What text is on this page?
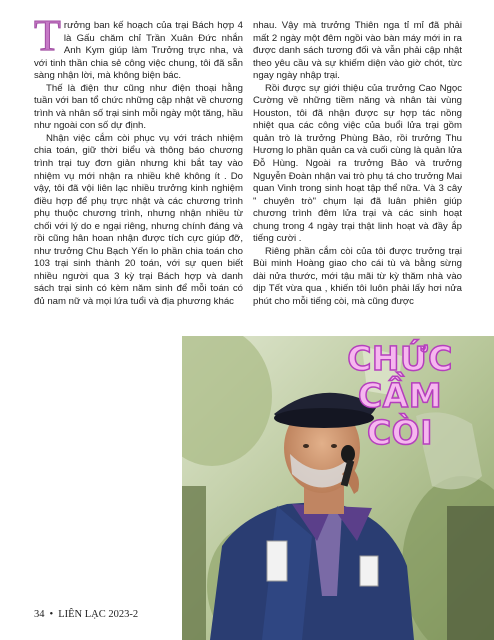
Trưởng ban kế hoạch của trại Bách hợp 4 là Gấu chăm chỉ Trần Xuân Đức nhắn Anh Kym giúp làm Trưởng trực nha, và với tinh thần chia sẻ công việc chung, tôi đã sẵn sàng nhận lời, mà không biện bác.

Thế là điện thư cũng như điện thoại hằng tuần với ban tổ chức những cập nhật về chương trình và nhân số trại sinh mỗi ngày một tăng, hầu như ngoài con số dự định.

Nhận việc cắm còi phục vụ với trách nhiệm chia toán, giữ thời biểu và thông báo chương trình trại tuy đơn giản nhưng khi bắt tay vào nhiệm vụ mới nhận ra nhiều khê không ít . Do vậy, tôi đã vội liên lạc nhiều trưởng kinh nghiệm điều hợp để phụ trực nhật và các chương trình phụ thuộc chương trình, nhưng nhận nhiều từ chối với lý do e ngại riêng, nhưng chính đáng và rồi cũng hân hoan nhận được tích cực giúp đỡ, như trưởng Chu Bạch Yến lo phần chia toán cho 103 trại sinh thành 20 toán, với sự quen biết nhiều người qua 3 kỳ trại Bách hợp và danh sách trại sinh có kèm năm sinh để mỗi toán có đủ nam nữ và mọi lứa tuổi và địa phương khác

nhau. Vậy mà trưởng Thiên nga tỉ mỉ đã phải mất 2 ngày một đêm ngồi vào bàn máy mới in ra được danh sách tương đối và vẫn phải cập nhật theo yêu cầu và sự khiếm diện vào giờ chót, từc ngay ngày nhập trại.

Rồi được sự giới thiệu của trưởng Cao Ngọc Cường về những tiềm năng và nhân tài vùng Houston, tôi đã nhận được sự hợp tác nồng nhiệt qua các công việc của buổi lửa trại gồm quản trò là trưởng Phùng Bảo, rồi trưởng Thu Hương lo phần quản ca và cuối cùng là quản lửa Đỗ Hùng. Ngoài ra trưởng Bảo và trưởng Nguyễn Đoàn nhận vai trò phụ tá cho trưởng Mai quan Vinh trong sinh hoạt tập thể nữa. Và 3 cây " chuyên trò" chụm lại đã luân phiên giúp chương trình đêm lửa trại và các sinh hoạt chung trong 4 ngày trại thật linh hoạt và đầy ắp tiếng cười .

Riêng phần cắm còi của tôi được trưởng trại Bùi minh Hoàng giao cho cái tù và bằng sừng dài nửa thước, mới tậu mãi từ kỳ thăm nhà vào dịp Tết vừa qua , khiến tôi luôn phải lấy hơi nửa phút cho mỗi tiếng còi, mà cũng được

CHỨC
CẦM
CÒI
34 • LIÊN LẠC 2023-2
